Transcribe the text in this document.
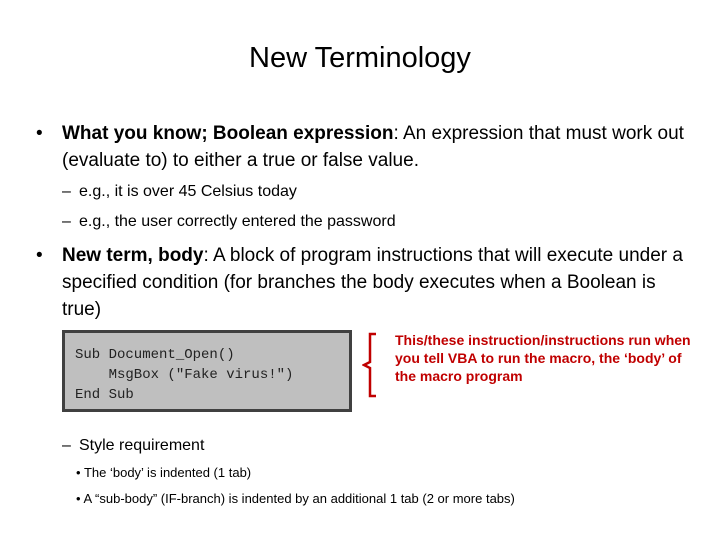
New Terminology
• What you know; Boolean expression: An expression that must work out (evaluate to) to either a true or false value.
– e.g., it is over 45 Celsius today
– e.g., the user correctly entered the password
• New term, body: A block of program instructions that will execute under a specified condition (for branches the body executes when a Boolean is true)
Sub Document_Open()
MsgBox ("Fake virus!")
End Sub
This/these instruction/instructions run when you tell VBA to run the macro, the ‘body’ of the macro program
– Style requirement
• The ‘body’ is indented (1 tab)
• A “sub-body” (IF-branch) is indented by an additional 1 tab (2 or more tabs)
